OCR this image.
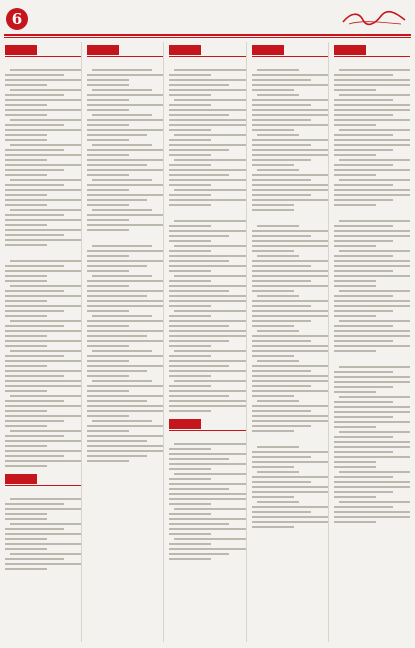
6
